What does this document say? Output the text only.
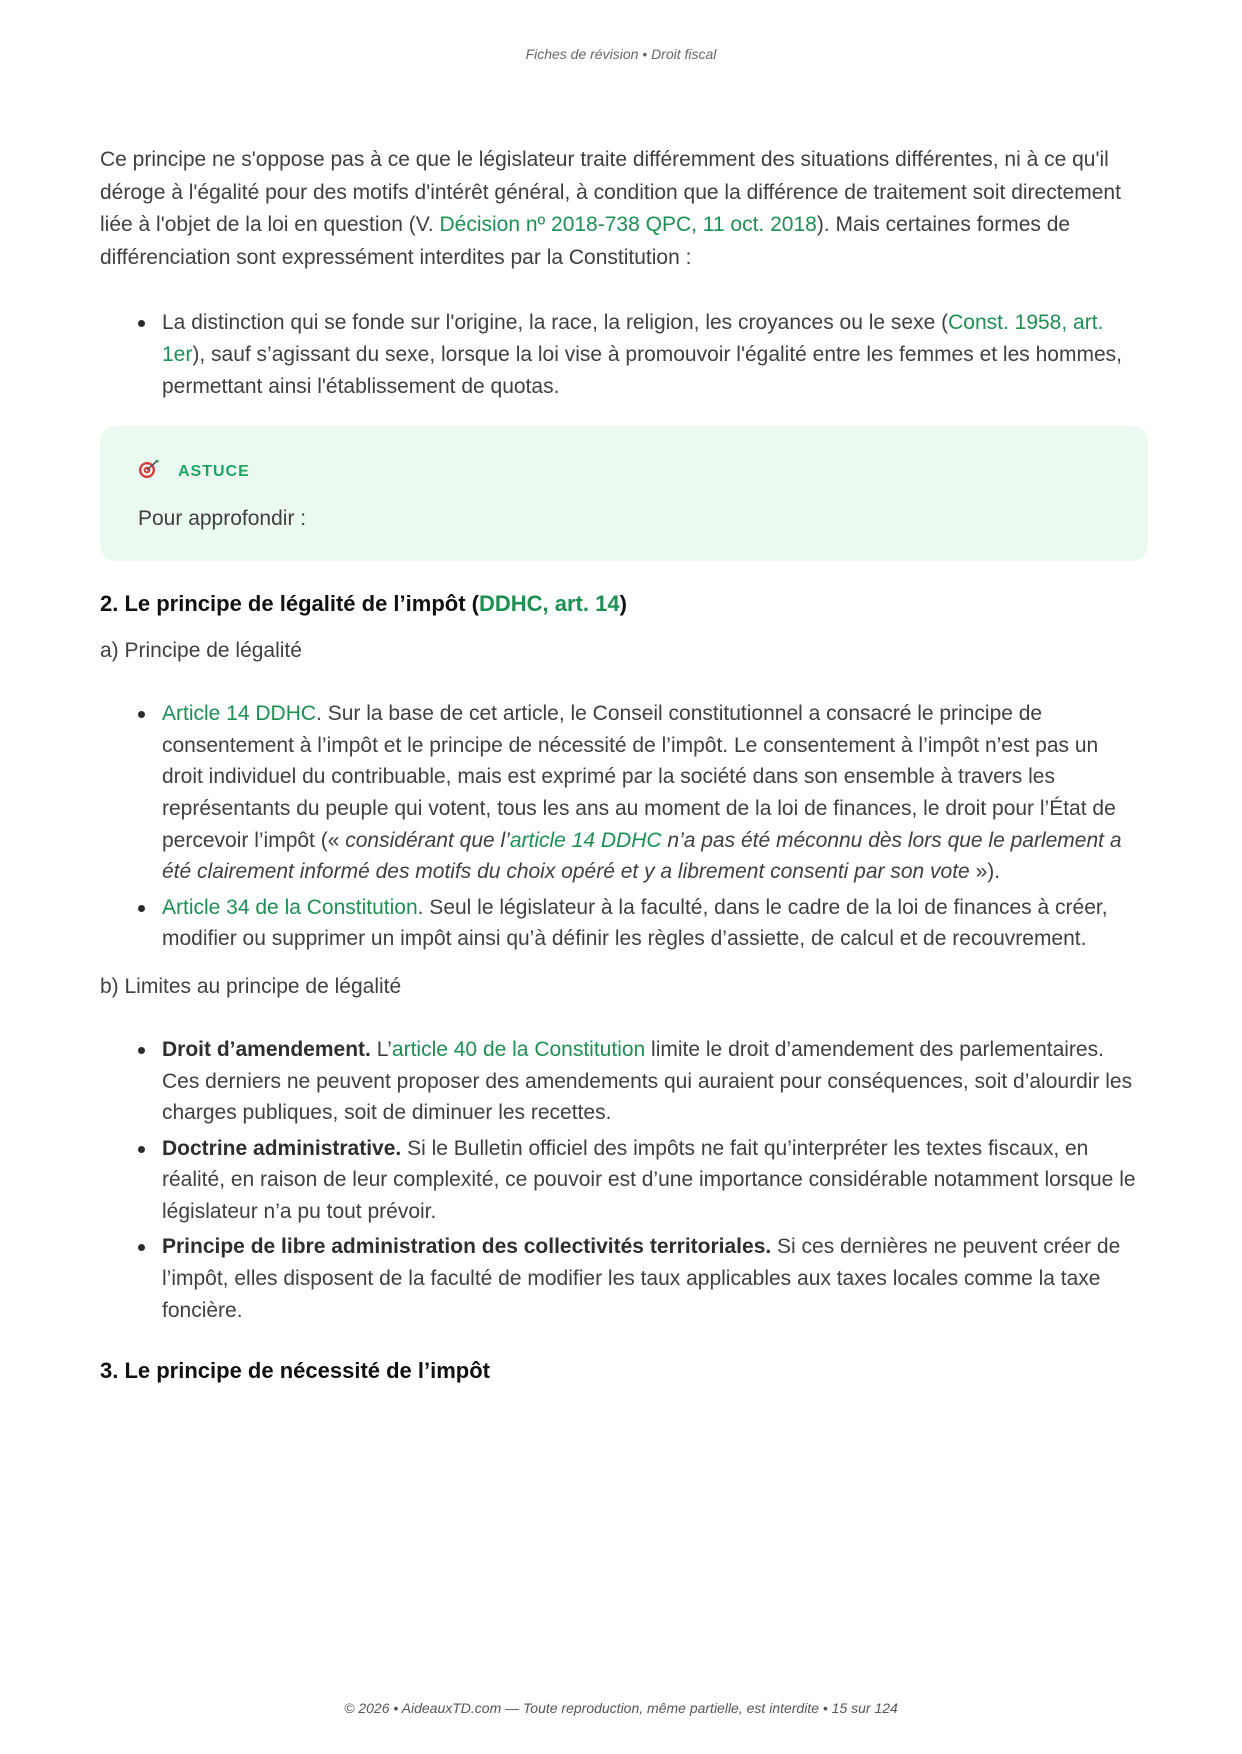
Fiches de révision • Droit fiscal

Ce principe ne s'oppose pas à ce que le législateur traite différemment des situations différentes, ni à ce qu'il déroge à l'égalité pour des motifs d'intérêt général, à condition que la différence de traitement soit directement liée à l'objet de la loi en question (V. Décision nº 2018-738 QPC, 11 oct. 2018). Mais certaines formes de différenciation sont expressément interdites par la Constitution :

La distinction qui se fonde sur l'origine, la race, la religion, les croyances ou le sexe (Const. 1958, art. 1er), sauf s’agissant du sexe, lorsque la loi vise à promouvoir l'égalité entre les femmes et les hommes, permettant ainsi l'établissement de quotas.
ASTUCE
Pour approfondir :
2. Le principe de légalité de l’impôt (DDHC, art. 14)

a) Principe de légalité

Article 14 DDHC. Sur la base de cet article, le Conseil constitutionnel a consacré le principe de consentement à l’impôt et le principe de nécessité de l’impôt. Le consentement à l’impôt n’est pas un droit individuel du contribuable, mais est exprimé par la société dans son ensemble à travers les représentants du peuple qui votent, tous les ans au moment de la loi de finances, le droit pour l’État de percevoir l’impôt (« considérant que l’article 14 DDHC n’a pas été méconnu dès lors que le parlement a été clairement informé des motifs du choix opéré et y a librement consenti par son vote »).
Article 34 de la Constitution. Seul le législateur à la faculté, dans le cadre de la loi de finances à créer, modifier ou supprimer un impôt ainsi qu’à définir les règles d’assiette, de calcul et de recouvrement.

b) Limites au principe de légalité

Droit d’amendement. L’article 40 de la Constitution limite le droit d’amendement des parlementaires. Ces derniers ne peuvent proposer des amendements qui auraient pour conséquences, soit d’alourdir les charges publiques, soit de diminuer les recettes.
Doctrine administrative. Si le Bulletin officiel des impôts ne fait qu’interpréter les textes fiscaux, en réalité, en raison de leur complexité, ce pouvoir est d’une importance considérable notamment lorsque le législateur n’a pu tout prévoir.
Principe de libre administration des collectivités territoriales. Si ces dernières ne peuvent créer de l’impôt, elles disposent de la faculté de modifier les taux applicables aux taxes locales comme la taxe foncière.
3. Le principe de nécessité de l’impôt
© 2026 • AideauxTD.com — Toute reproduction, même partielle, est interdite • 15 sur 124
